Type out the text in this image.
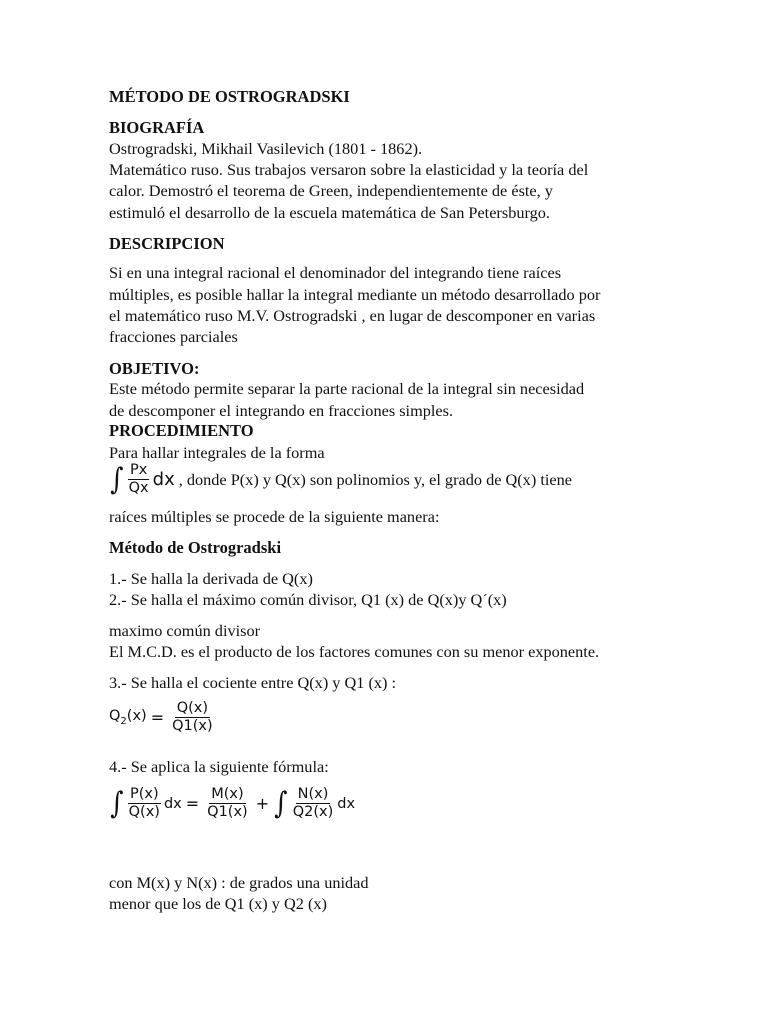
MÉTODO DE OSTROGRADSKI
BIOGRAFÍA
Ostrogradski, Mikhail Vasilevich (1801 - 1862).
Matemático ruso. Sus trabajos versaron sobre la elasticidad y la teoría del
calor. Demostró el teorema de Green, independientemente de éste, y
estimuló el desarrollo de la escuela matemática de San Petersburgo.
DESCRIPCION
Si en una integral racional el denominador del integrando tiene raíces
múltiples, es posible hallar la integral mediante un método desarrollado por
el matemático ruso M.V. Ostrogradski , en lugar de descomponer en varias
fracciones parciales
OBJETIVO:
Este método permite separar la parte racional de la integral sin necesidad
de descomponer el integrando en fracciones simples.
PROCEDIMIENTO
Para hallar integrales de la forma
∫ $\frac{Px}{Qx}$ dx , donde P(x) y Q(x) son polinomios y, el grado de Q(x) tiene
raíces múltiples se procede de la siguiente manera:
Método de Ostrogradski
1.- Se halla la derivada de Q(x)
2.- Se halla el máximo común divisor, Q1 (x) de Q(x)y Q´(x)
maximo común divisor
El M.C.D. es el producto de los factores comunes con su menor exponente.
3.- Se halla el cociente entre Q(x) y Q1 (x) :
$Q_2(x) = \frac{Q(x)}{Q1(x)}$
4.- Se aplica la siguiente fórmula:
∫ $\frac{P(x)}{Q(x)}$ dx = $\frac{M(x)}{Q1(x)}$ + ∫ $\frac{N(x)}{Q2(x)}$ dx
con M(x) y N(x) : de grados una unidad
menor que los de Q1 (x) y Q2 (x)
